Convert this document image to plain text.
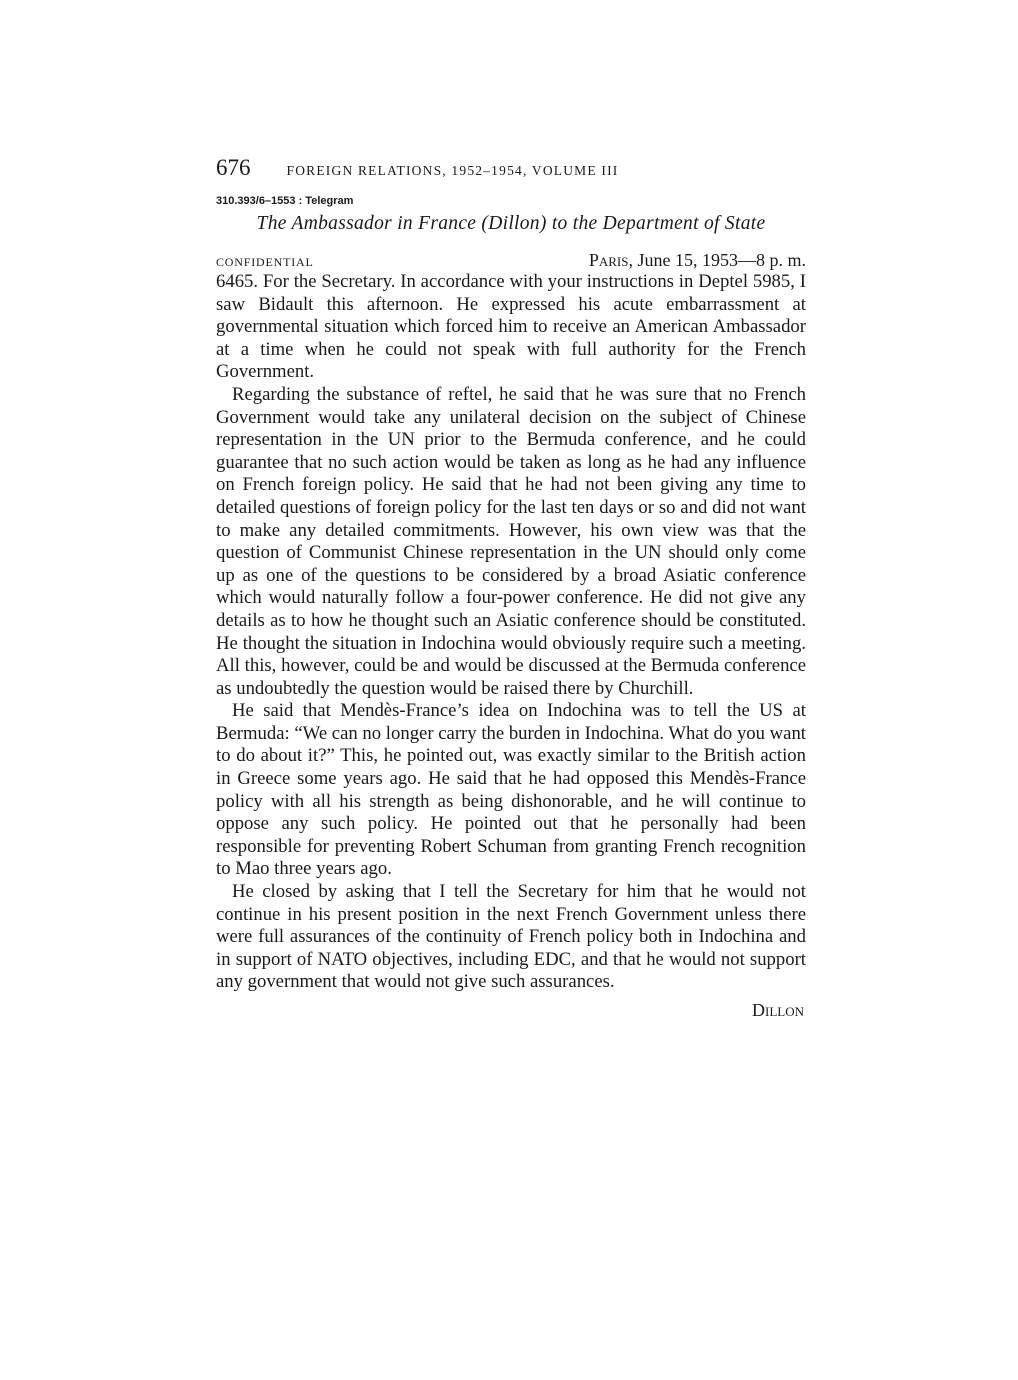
676	FOREIGN RELATIONS, 1952–1954, VOLUME III
310.393/6–1553 : Telegram
The Ambassador in France (Dillon) to the Department of State
CONFIDENTIAL	Paris, June 15, 1953—8 p. m.

6465. For the Secretary. In accordance with your instructions in Deptel 5985, I saw Bidault this afternoon. He expressed his acute embarrassment at governmental situation which forced him to receive an American Ambassador at a time when he could not speak with full authority for the French Government.

Regarding the substance of reftel, he said that he was sure that no French Government would take any unilateral decision on the subject of Chinese representation in the UN prior to the Bermuda conference, and he could guarantee that no such action would be taken as long as he had any influence on French foreign policy. He said that he had not been giving any time to detailed questions of foreign policy for the last ten days or so and did not want to make any detailed commitments. However, his own view was that the question of Communist Chinese representation in the UN should only come up as one of the questions to be considered by a broad Asiatic conference which would naturally follow a four-power conference. He did not give any details as to how he thought such an Asiatic conference should be constituted. He thought the situation in Indochina would obviously require such a meeting. All this, however, could be and would be discussed at the Bermuda conference as undoubtedly the question would be raised there by Churchill.

He said that Mendès-France’s idea on Indochina was to tell the US at Bermuda: “We can no longer carry the burden in Indochina. What do you want to do about it?” This, he pointed out, was exactly similar to the British action in Greece some years ago. He said that he had opposed this Mendès-France policy with all his strength as being dishonorable, and he will continue to oppose any such policy. He pointed out that he personally had been responsible for preventing Robert Schuman from granting French recognition to Mao three years ago.

He closed by asking that I tell the Secretary for him that he would not continue in his present position in the next French Government unless there were full assurances of the continuity of French policy both in Indochina and in support of NATO objectives, including EDC, and that he would not support any government that would not give such assurances.

Dillon
